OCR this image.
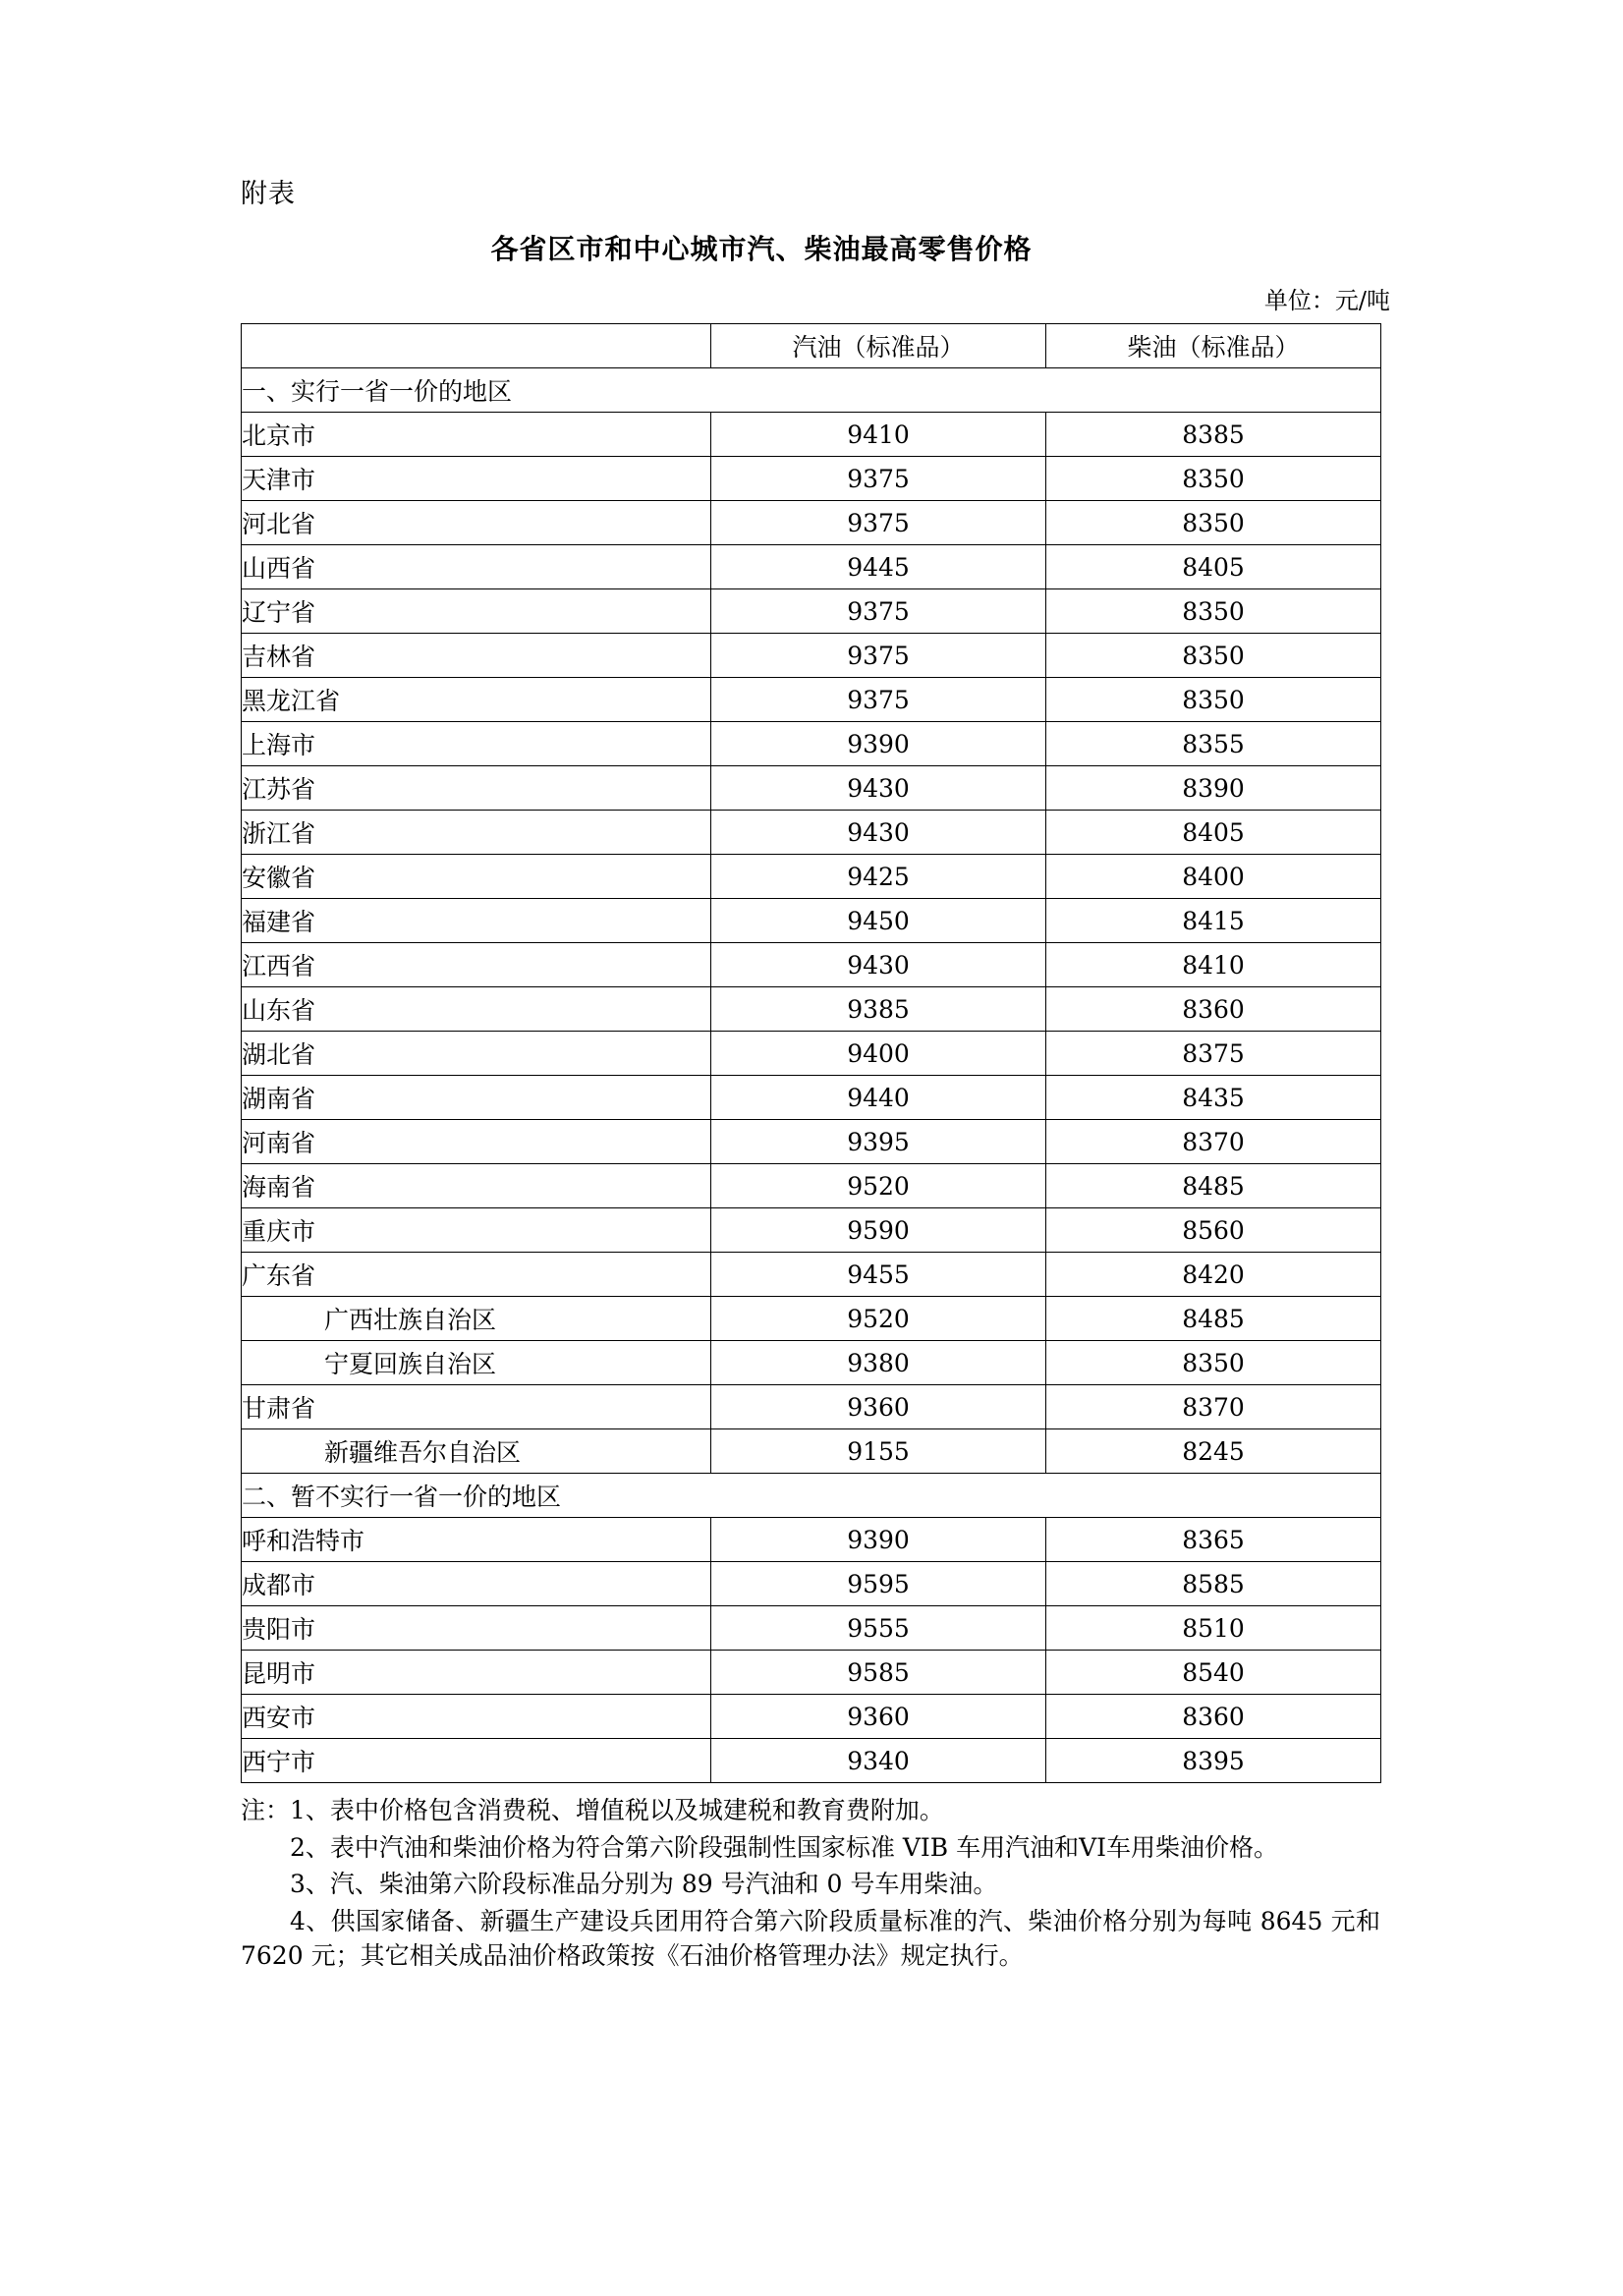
附表
各省区市和中心城市汽、柴油最高零售价格
单位：元/吨
	汽油（标准品）	柴油（标准品）
一、实行一省一价的地区		
北京市	9410	8385
天津市	9375	8350
河北省	9375	8350
山西省	9445	8405
辽宁省	9375	8350
吉林省	9375	8350
黑龙江省	9375	8350
上海市	9390	8355
江苏省	9430	8390
浙江省	9430	8405
安徽省	9425	8400
福建省	9450	8415
江西省	9430	8410
山东省	9385	8360
湖北省	9400	8375
湖南省	9440	8435
河南省	9395	8370
海南省	9520	8485
重庆市	9590	8560
广东省	9455	8420
广西壮族自治区	9520	8485
宁夏回族自治区	9380	8350
甘肃省	9360	8370
新疆维吾尔自治区	9155	8245
二、暂不实行一省一价的地区		
呼和浩特市	9390	8365
成都市	9595	8585
贵阳市	9555	8510
昆明市	9585	8540
西安市	9360	8360
西宁市	9340	8395

注：1、表中价格包含消费税、增值税以及城建税和教育费附加。

2、表中汽油和柴油价格为符合第六阶段强制性国家标准 VIB 车用汽油和VI车用柴油价格。

3、汽、柴油第六阶段标准品分别为 89 号汽油和 0 号车用柴油。

4、供国家储备、新疆生产建设兵团用符合第六阶段质量标准的汽、柴油价格分别为每吨 8645 元和 7620 元；其它相关成品油价格政策按《石油价格管理办法》规定执行。
